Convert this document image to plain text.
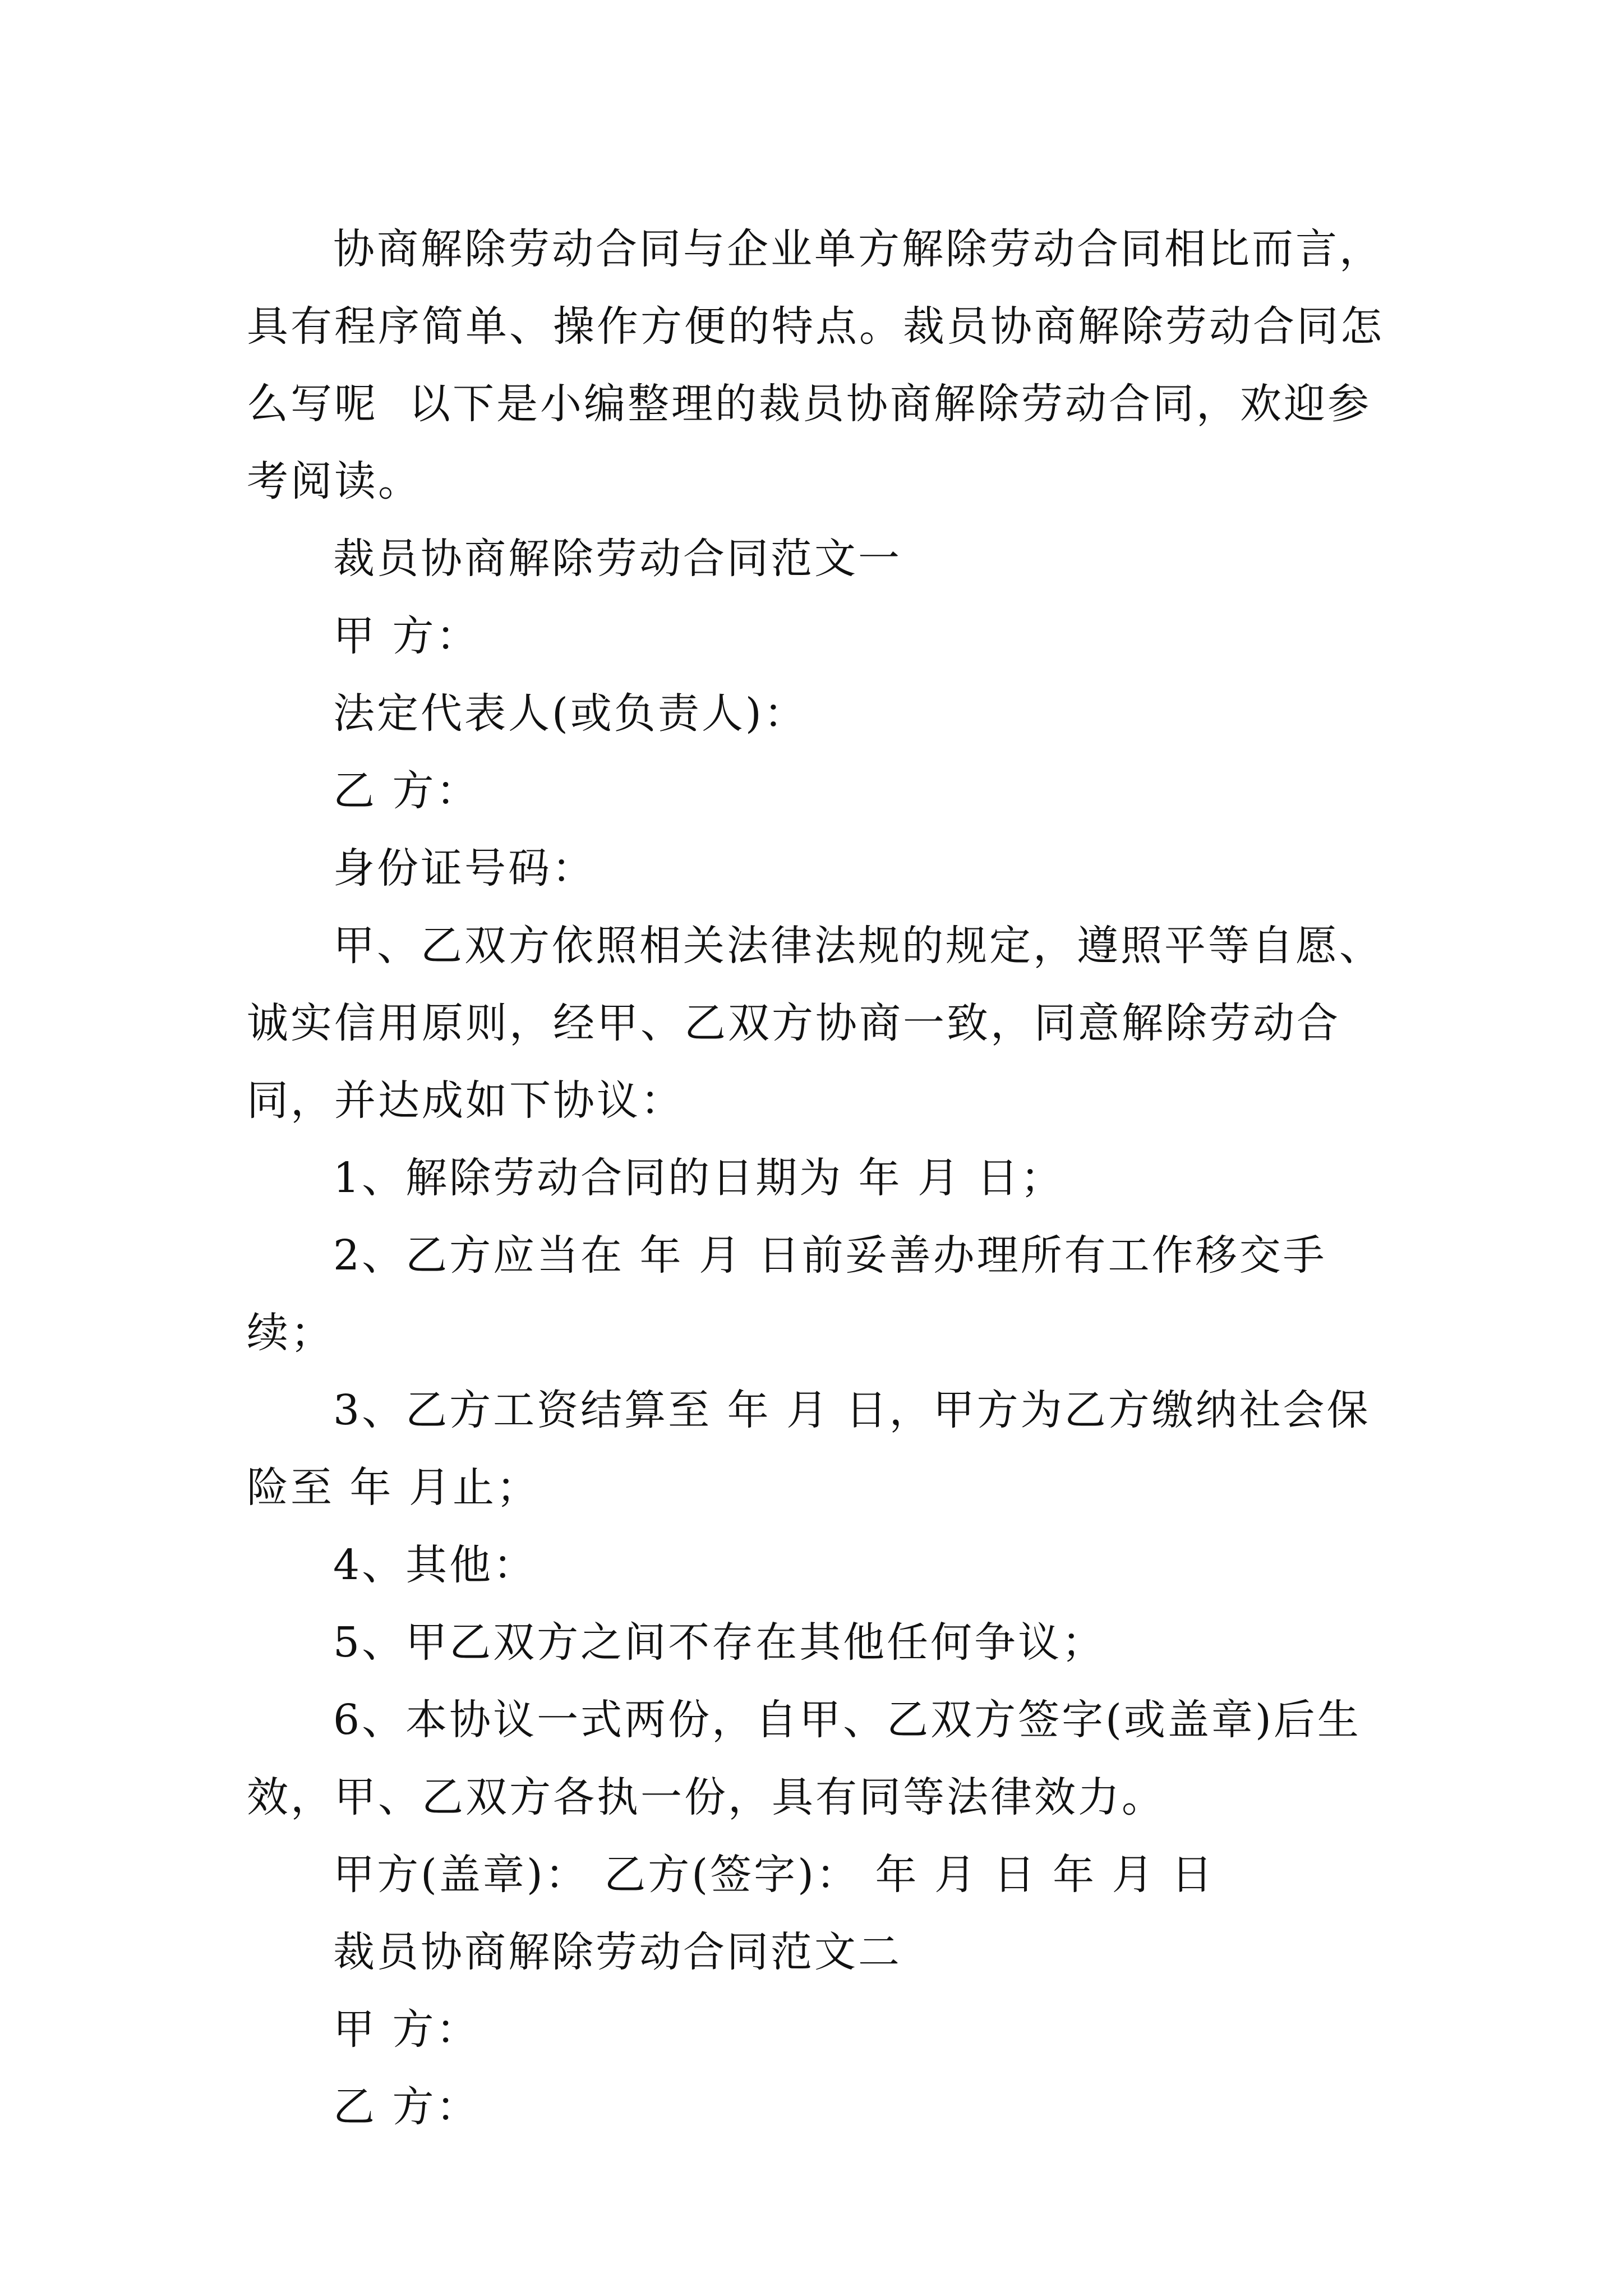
协商解除劳动合同与企业单方解除劳动合同相比而言，具有程序简单、操作方便的特点。裁员协商解除劳动合同怎么写呢  以下是小编整理的裁员协商解除劳动合同，欢迎参考阅读。

裁员协商解除劳动合同范文一

甲 方：

法定代表人(或负责人)：

乙 方：

身份证号码：

甲、乙双方依照相关法律法规的规定，遵照平等自愿、诚实信用原则，经甲、乙双方协商一致，同意解除劳动合同，并达成如下协议：

1、解除劳动合同的日期为 年 月 日；

2、乙方应当在 年 月 日前妥善办理所有工作移交手续；

3、乙方工资结算至 年 月 日，甲方为乙方缴纳社会保险至 年 月止；

4、其他：

5、甲乙双方之间不存在其他任何争议；

6、本协议一式两份，自甲、乙双方签字(或盖章)后生效，甲、乙双方各执一份，具有同等法律效力。

甲方(盖章)： 乙方(签字)： 年 月 日 年 月 日

裁员协商解除劳动合同范文二

甲 方：

乙 方：
